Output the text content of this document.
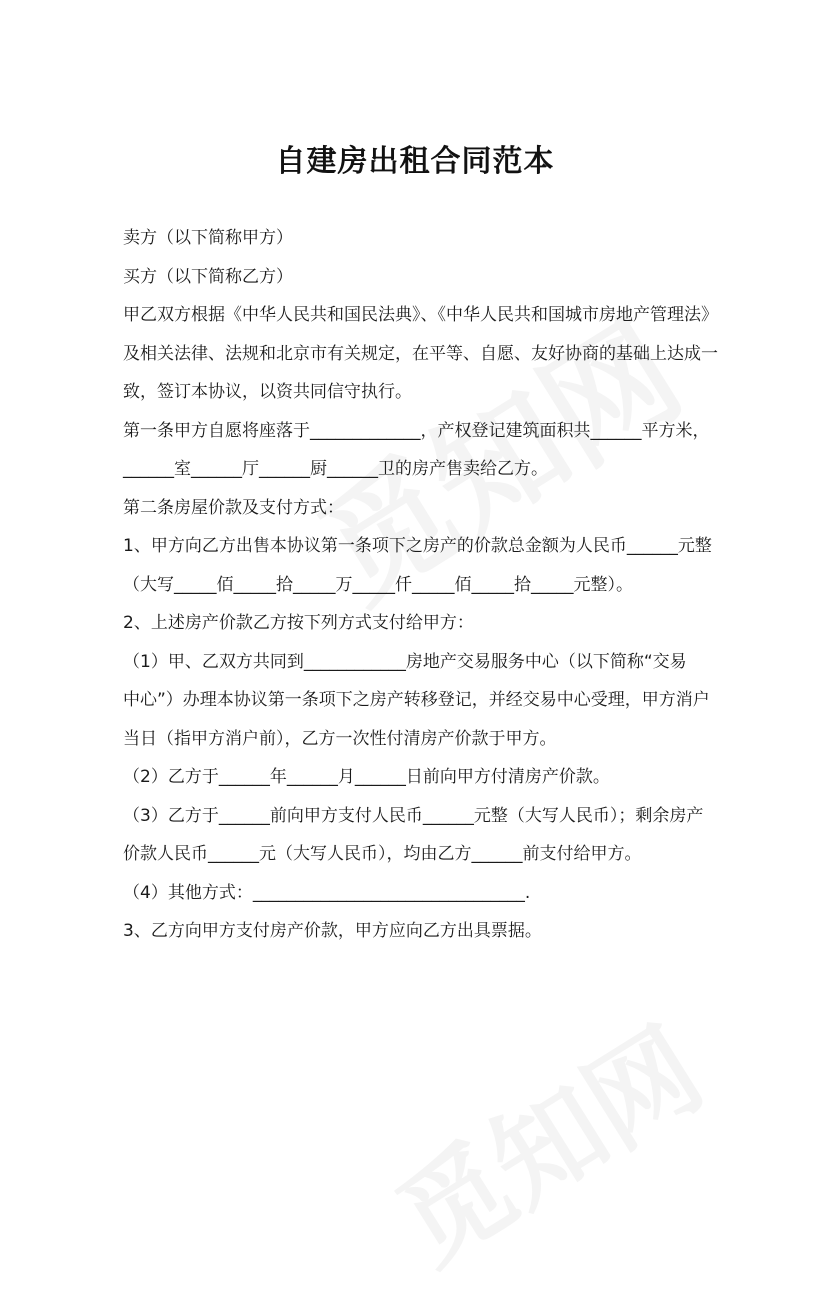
自建房出租合同范本

卖方（以下简称甲方）

买方（以下简称乙方）

甲乙双方根据《中华人民共和国民法典》、《中华人民共和国城市房地产管理法》

及相关法律、法规和北京市有关规定，在平等、自愿、友好协商的基础上达成一

致，签订本协议，以资共同信守执行。

第一条甲方自愿将座落于_____________，产权登记建筑面积共______平方米，

______室______厅______厨______卫的房产售卖给乙方。

第二条房屋价款及支付方式：

1、甲方向乙方出售本协议第一条项下之房产的价款总金额为人民币______元整

（大写_____佰_____拾_____万_____仟_____佰_____拾_____元整）。

2、上述房产价款乙方按下列方式支付给甲方：

（1）甲、乙双方共同到____________房地产交易服务中心（以下简称“交易

中心”）办理本协议第一条项下之房产转移登记，并经交易中心受理，甲方消户

当日（指甲方消户前），乙方一次性付清房产价款于甲方。

（2）乙方于______年______月______日前向甲方付清房产价款。

（3）乙方于______前向甲方支付人民币______元整（大写人民币）；剩余房产

价款人民币______元（大写人民币），均由乙方______前支付给甲方。

（4）其他方式：________________________________.

3、乙方向甲方支付房产价款，甲方应向乙方出具票据。
